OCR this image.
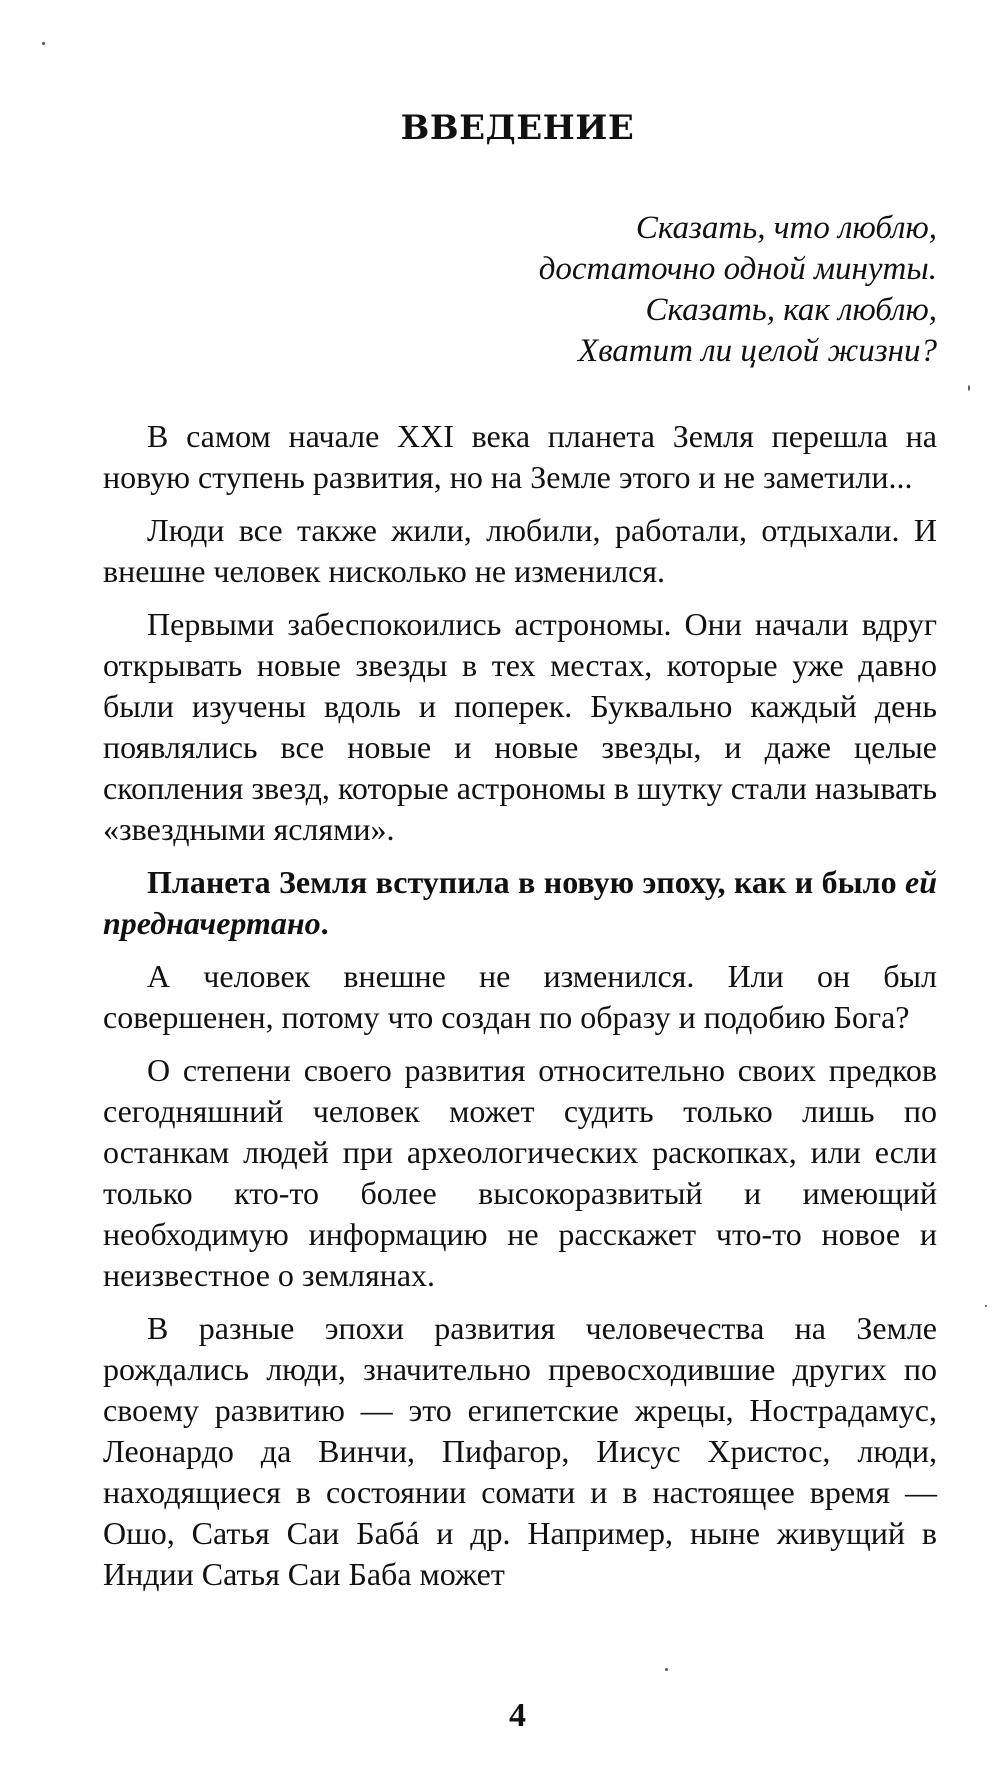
ВВЕДЕНИЕ
Сказать, что люблю,
достаточно одной минуты.
Сказать, как люблю,
Хватит ли целой жизни?

В самом начале XXI века планета Земля перешла на новую ступень развития, но на Земле этого и не заметили...

Люди все также жили, любили, работали, отдыхали. И внешне человек нисколько не изменился.

Первыми забеспокоились астрономы. Они начали вдруг открывать новые звезды в тех местах, которые уже давно были изучены вдоль и поперек. Буквально каждый день появлялись все новые и новые звезды, и даже целые скопления звезд, которые астрономы в шутку стали называть «звездными яслями».

Планета Земля вступила в новую эпоху, как и было ей предначертано.

А человек внешне не изменился. Или он был совершенен, потому что создан по образу и подобию Бога?

О степени своего развития относительно своих предков сегодняшний человек может судить только лишь по останкам людей при археологических раскопках, или если только кто-то более высокоразвитый и имеющий необходимую информацию не расскажет что-то новое и неизвестное о землянах.

В разные эпохи развития человечества на Земле рождались люди, значительно превосходившие других по своему развитию — это египетские жрецы, Нострадамус, Леонардо да Винчи, Пифагор, Иисус Христос, люди, находящиеся в состоянии сомати и в настоящее время — Ошо, Сатья Саи Бабá и др. Например, ныне живущий в Индии Сатья Саи Баба может

4
